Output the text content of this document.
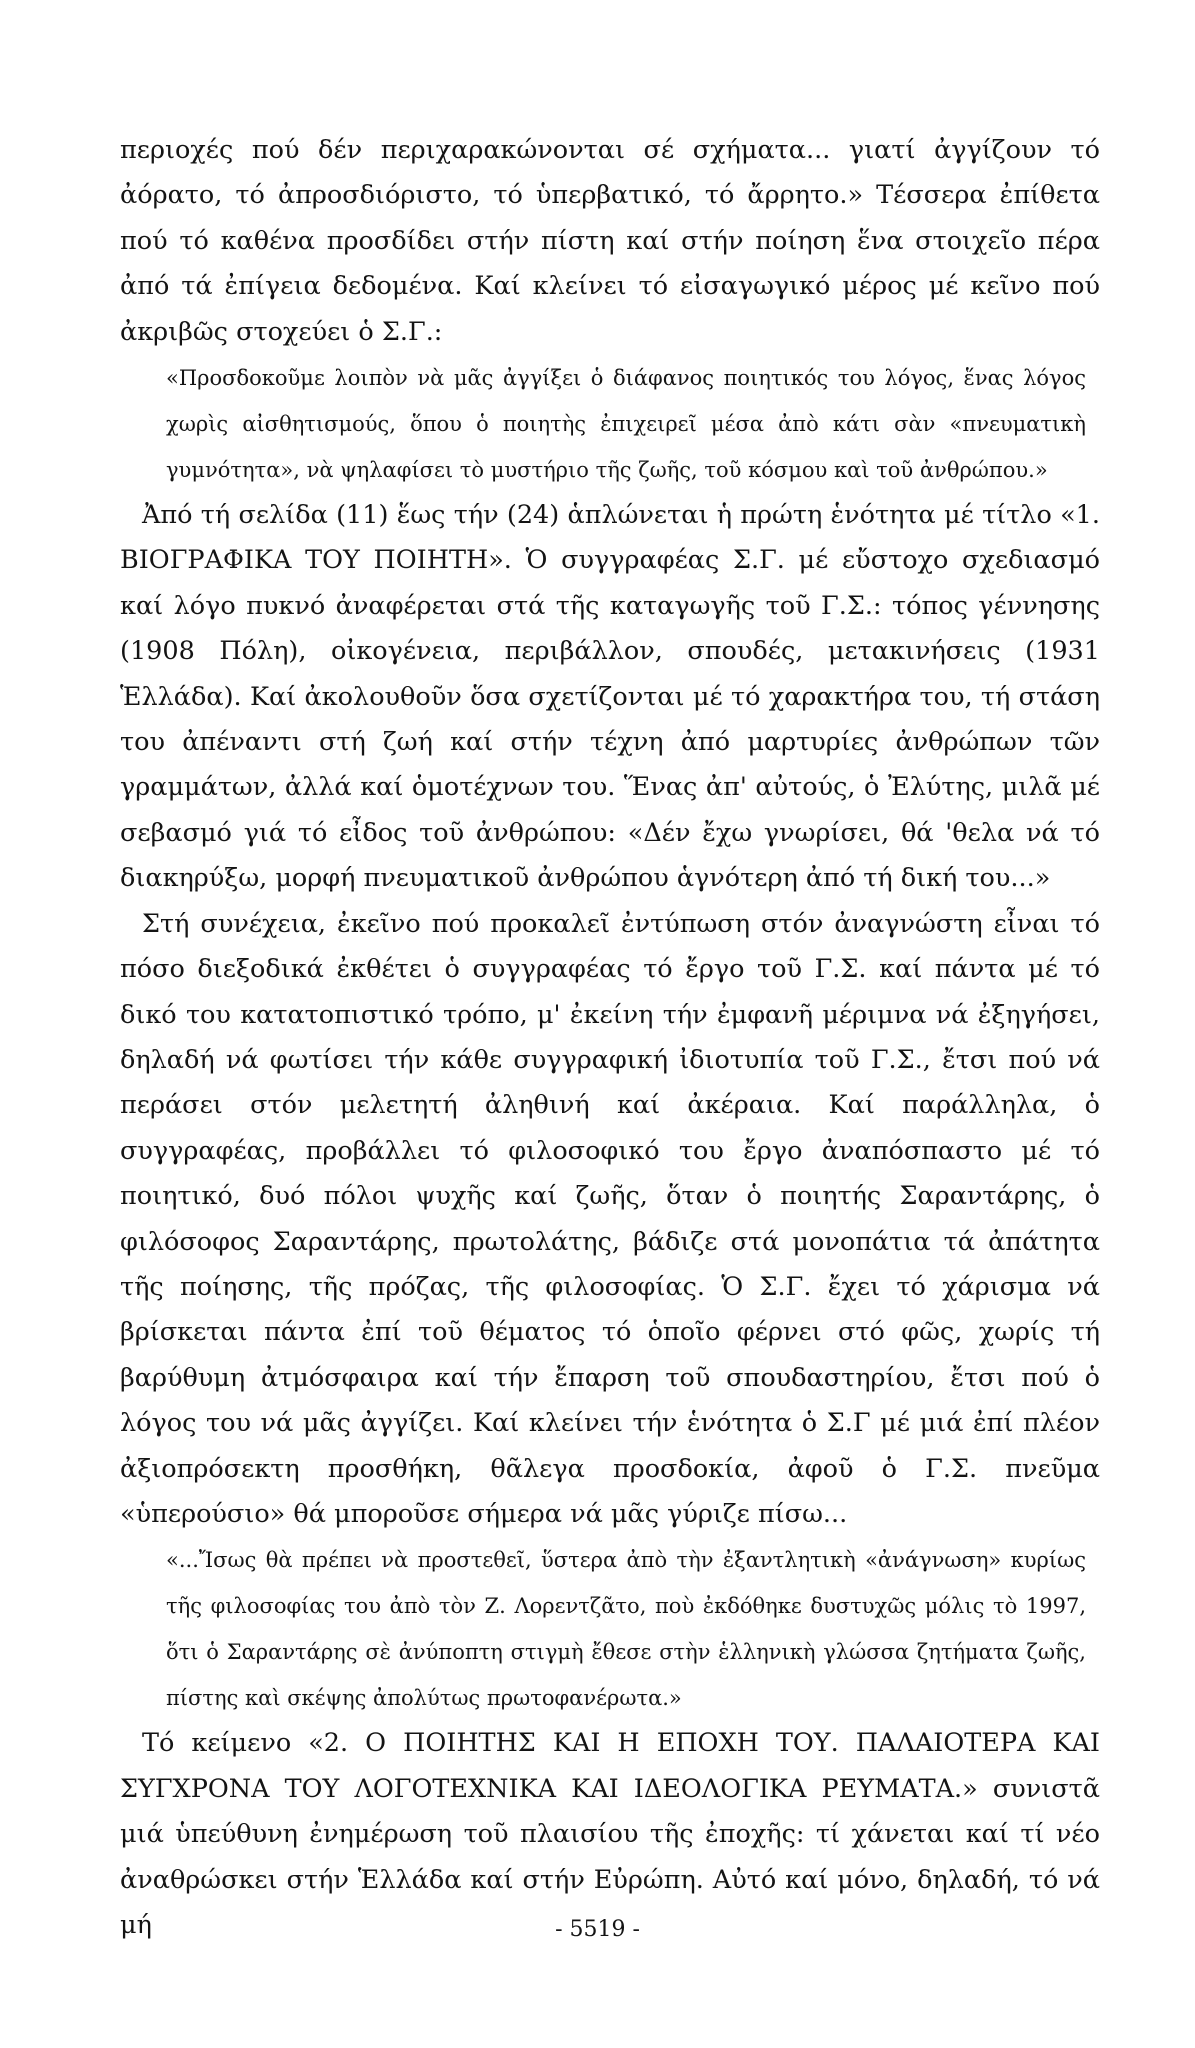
περιοχές πού δέν περιχαρακώνονται σέ σχήματα... γιατί ἀγγίζουν τό ἀόρατο, τό ἀπροσδιόριστο, τό ὑπερβατικό, τό ἄρρητο.» Τέσσερα ἐπίθετα πού τό καθένα προσδίδει στήν πίστη καί στήν ποίηση ἕνα στοιχεῖο πέρα ἀπό τά ἐπίγεια δεδομένα. Καί κλείνει τό εἰσαγωγικό μέρος μέ κεῖνο πού ἀκριβῶς στοχεύει ὁ Σ.Γ.:

«Προσδοκοῦμε λοιπὸν νὰ μᾶς ἀγγίξει ὁ διάφανος ποιητικός του λόγος, ἕνας λόγος χωρὶς αἰσθητισμούς, ὅπου ὁ ποιητὴς ἐπιχειρεῖ μέσα ἀπὸ κάτι σὰν «πνευματικὴ γυμνότητα», νὰ ψηλαφίσει τὸ μυστήριο τῆς ζωῆς, τοῦ κόσμου καὶ τοῦ ἀνθρώπου.»

Ἀπό τή σελίδα (11) ἕως τήν (24) ἁπλώνεται ἡ πρώτη ἑνότητα μέ τίτλο «1. ΒΙΟΓΡΑΦΙΚΑ ΤΟΥ ΠΟΙΗΤΗ». Ὁ συγγραφέας Σ.Γ. μέ εὔστοχο σχεδιασμό καί λόγο πυκνό ἀναφέρεται στά τῆς καταγωγῆς τοῦ Γ.Σ.: τόπος γέννησης (1908 Πόλη), οἰκογένεια, περιβάλλον, σπουδές, μετακινήσεις (1931 Ἑλλάδα). Καί ἀκολουθοῦν ὅσα σχετίζονται μέ τό χαρακτήρα του, τή στάση του ἀπέναντι στή ζωή καί στήν τέχνη ἀπό μαρτυρίες ἀνθρώπων τῶν γραμμάτων, ἀλλά καί ὁμοτέχνων του. Ἕνας ἀπ' αὐτούς, ὁ Ἐλύτης, μιλᾶ μέ σεβασμό γιά τό εἶδος τοῦ ἀνθρώπου: «Δέν ἔχω γνωρίσει, θά 'θελα νά τό διακηρύξω, μορφή πνευματικοῦ ἀνθρώπου ἁγνότερη ἀπό τή δική του...»

Στή συνέχεια, ἐκεῖνο πού προκαλεῖ ἐντύπωση στόν ἀναγνώστη εἶναι τό πόσο διεξοδικά ἐκθέτει ὁ συγγραφέας τό ἔργο τοῦ Γ.Σ. καί πάντα μέ τό δικό του κατατοπιστικό τρόπο, μ' ἐκείνη τήν ἐμφανῆ μέριμνα νά ἐξηγήσει, δηλαδή νά φωτίσει τήν κάθε συγγραφική ἰδιοτυπία τοῦ Γ.Σ., ἔτσι πού νά περάσει στόν μελετητή ἀληθινή καί ἀκέραια. Καί παράλληλα, ὁ συγγραφέας, προβάλλει τό φιλοσοφικό του ἔργο ἀναπόσπαστο μέ τό ποιητικό, δυό πόλοι ψυχῆς καί ζωῆς, ὅταν ὁ ποιητής Σαραντάρης, ὁ φιλόσοφος Σαραντάρης, πρωτολάτης, βάδιζε στά μονοπάτια τά ἀπάτητα τῆς ποίησης, τῆς πρόζας, τῆς φιλοσοφίας. Ὁ Σ.Γ. ἔχει τό χάρισμα νά βρίσκεται πάντα ἐπί τοῦ θέματος τό ὁποῖο φέρνει στό φῶς, χωρίς τή βαρύθυμη ἀτμόσφαιρα καί τήν ἔπαρση τοῦ σπουδαστηρίου, ἔτσι πού ὁ λόγος του νά μᾶς ἀγγίζει. Καί κλείνει τήν ἑνότητα ὁ Σ.Γ μέ μιά ἐπί πλέον ἀξιοπρόσεκτη προσθήκη, θᾶλεγα προσδοκία, ἀφοῦ ὁ Γ.Σ. πνεῦμα «ὑπερούσιο» θά μποροῦσε σήμερα νά μᾶς γύριζε πίσω...

«...Ἴσως θὰ πρέπει νὰ προστεθεῖ, ὕστερα ἀπὸ τὴν ἐξαντλητικὴ «ἀνάγνωση» κυρίως τῆς φιλοσοφίας του ἀπὸ τὸν Ζ. Λορεντζᾶτο, ποὺ ἐκδόθηκε δυστυχῶς μόλις τὸ 1997, ὅτι ὁ Σαραντάρης σὲ ἀνύποπτη στιγμὴ ἔθεσε στὴν ἑλληνικὴ γλώσσα ζητήματα ζωῆς, πίστης καὶ σκέψης ἀπολύτως πρωτοφανέρωτα.»

Τό κείμενο «2. Ο ΠΟΙΗΤΗΣ ΚΑΙ Η ΕΠΟΧΗ ΤΟΥ. ΠΑΛΑΙΟΤΕΡΑ ΚΑΙ ΣΥΓΧΡΟΝΑ ΤΟΥ ΛΟΓΟΤΕΧΝΙΚΑ ΚΑΙ ΙΔΕΟΛΟΓΙΚΑ ΡΕΥΜΑΤΑ.» συνιστᾶ μιά ὑπεύθυνη ἐνημέρωση τοῦ πλαισίου τῆς ἐποχῆς: τί χάνεται καί τί νέο ἀναθρώσκει στήν Ἑλλάδα καί στήν Εὐρώπη. Αὐτό καί μόνο, δηλαδή, τό νά μή	- 5519 -
